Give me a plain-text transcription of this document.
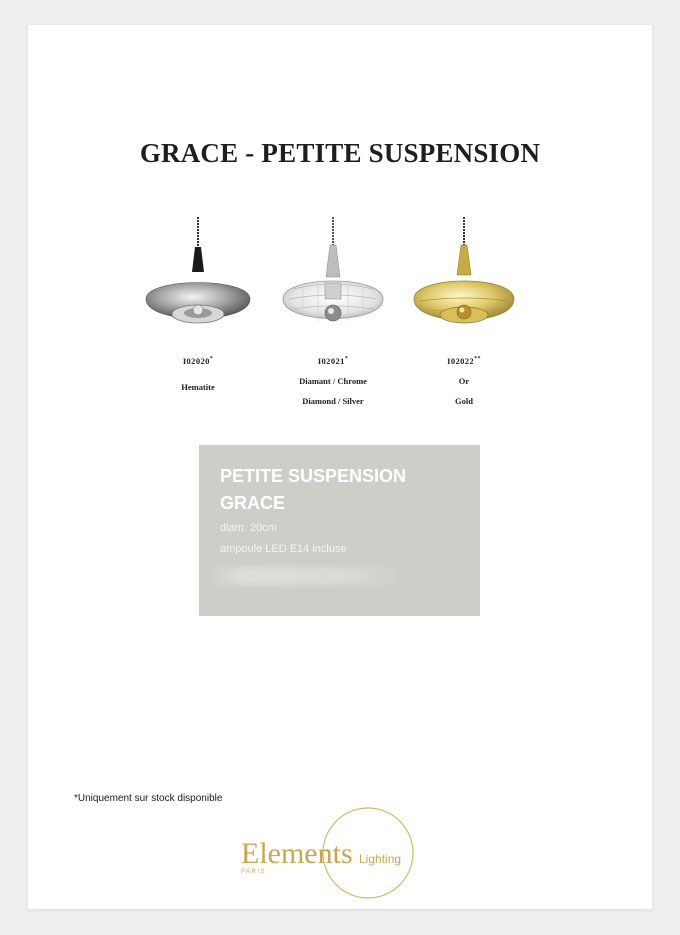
GRACE - PETITE SUSPENSION
I02020*
Hematite
I02021*
Diamant / Chrome
Diamond / Silver
I02022**
Or
Gold
PETITE SUSPENSION GRACE
diam. 20cm
ampoule LED E14 incluse
*Uniquement sur stock disponible
Elements Lighting
PARIS
